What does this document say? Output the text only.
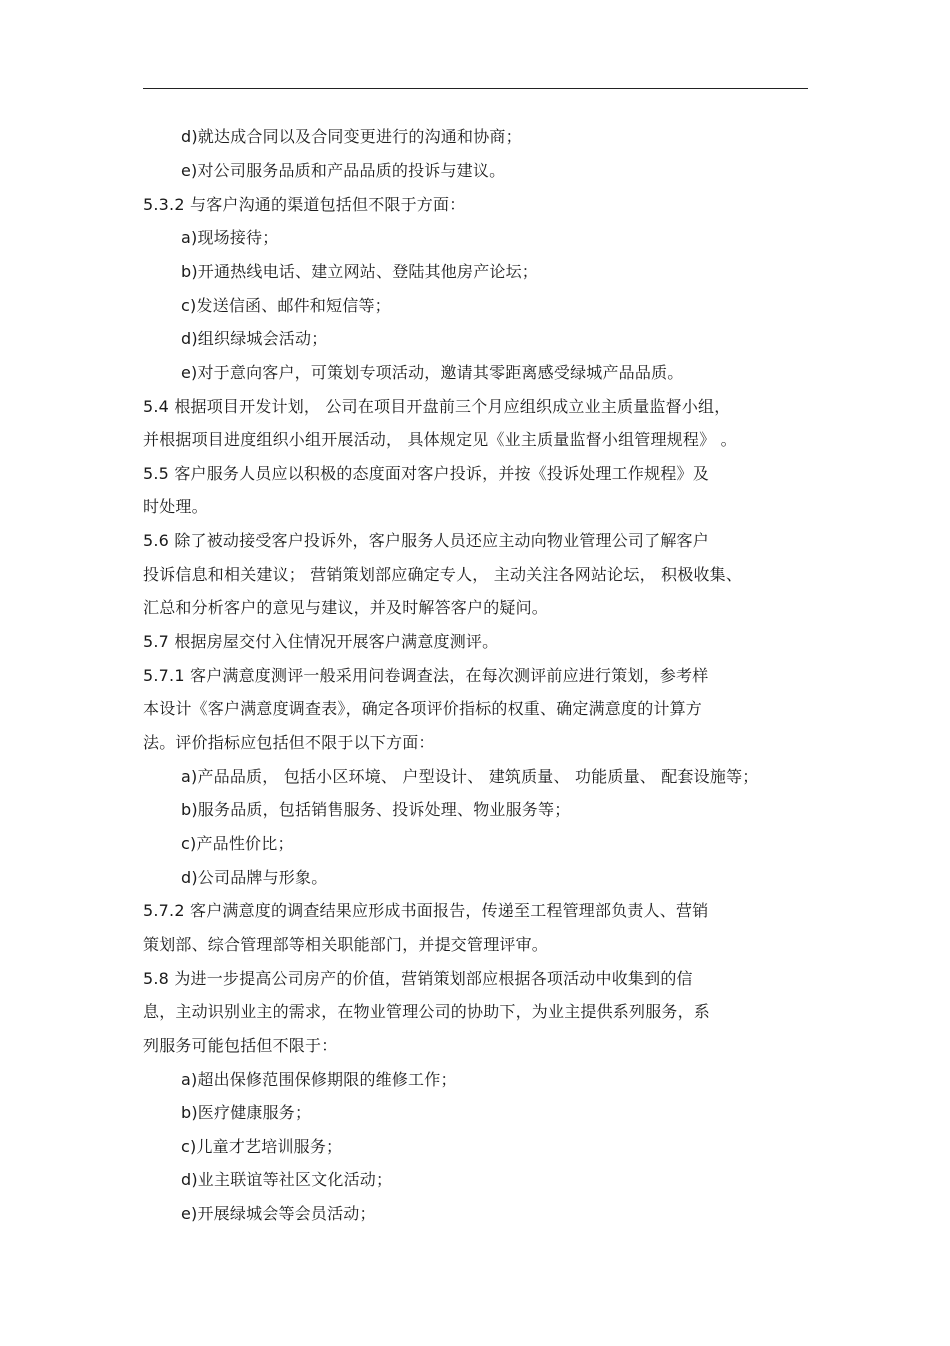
d)就达成合同以及合同变更进行的沟通和协商；
e)对公司服务品质和产品品质的投诉与建议。
5.3.2 与客户沟通的渠道包括但不限于方面：
a)现场接待；
b)开通热线电话、建立网站、登陆其他房产论坛；
c)发送信函、邮件和短信等；
d)组织绿城会活动；
e)对于意向客户，可策划专项活动，邀请其零距离感受绿城产品品质。
5.4 根据项目开发计划， 公司在项目开盘前三个月应组织成立业主质量监督小组，
并根据项目进度组织小组开展活动， 具体规定见《业主质量监督小组管理规程》 。
5.5 客户服务人员应以积极的态度面对客户投诉，并按《投诉处理工作规程》及
时处理。
5.6 除了被动接受客户投诉外，客户服务人员还应主动向物业管理公司了解客户
投诉信息和相关建议； 营销策划部应确定专人， 主动关注各网站论坛， 积极收集、
汇总和分析客户的意见与建议，并及时解答客户的疑问。
5.7 根据房屋交付入住情况开展客户满意度测评。
5.7.1 客户满意度测评一般采用问卷调查法，在每次测评前应进行策划，参考样
本设计《客户满意度调查表》，确定各项评价指标的权重、确定满意度的计算方
法。评价指标应包括但不限于以下方面：
a)产品品质， 包括小区环境、 户型设计、 建筑质量、 功能质量、 配套设施等；
b)服务品质，包括销售服务、投诉处理、物业服务等；
c)产品性价比；
d)公司品牌与形象。
5.7.2 客户满意度的调查结果应形成书面报告，传递至工程管理部负责人、营销
策划部、综合管理部等相关职能部门，并提交管理评审。
5.8 为进一步提高公司房产的价值，营销策划部应根据各项活动中收集到的信
息，主动识别业主的需求，在物业管理公司的协助下，为业主提供系列服务，系
列服务可能包括但不限于：
a)超出保修范围保修期限的维修工作；
b)医疗健康服务；
c)儿童才艺培训服务；
d)业主联谊等社区文化活动；
e)开展绿城会等会员活动；
